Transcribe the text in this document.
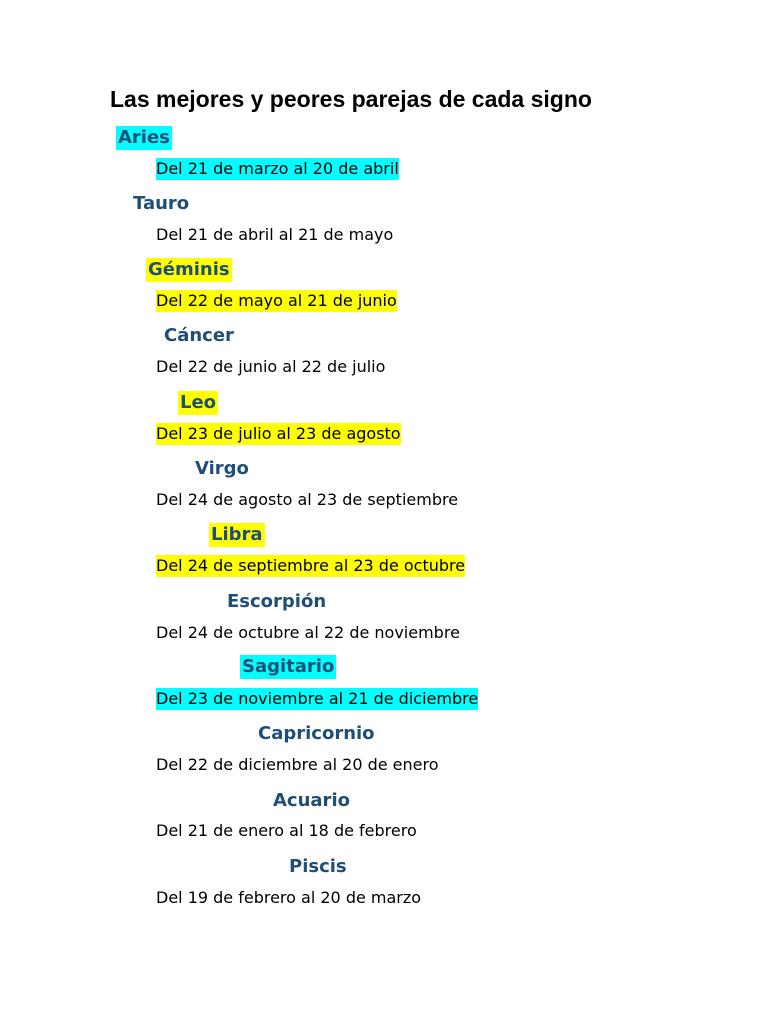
Las mejores y peores parejas de cada signo
Aries
Del 21 de marzo al 20 de abril
Tauro
Del 21 de abril al 21 de mayo
Géminis
Del 22 de mayo al 21 de junio
Cáncer
Del 22 de junio al 22 de julio
Leo
Del 23 de julio al 23 de agosto
Virgo
Del 24 de agosto al 23 de septiembre
Libra
Del 24 de septiembre al 23 de octubre
Escorpión
Del 24 de octubre al 22 de noviembre
Sagitario
Del 23 de noviembre al 21 de diciembre
Capricornio
Del 22 de diciembre al 20 de enero
Acuario
Del 21 de enero al 18 de febrero
Piscis
Del 19 de febrero al 20 de marzo
